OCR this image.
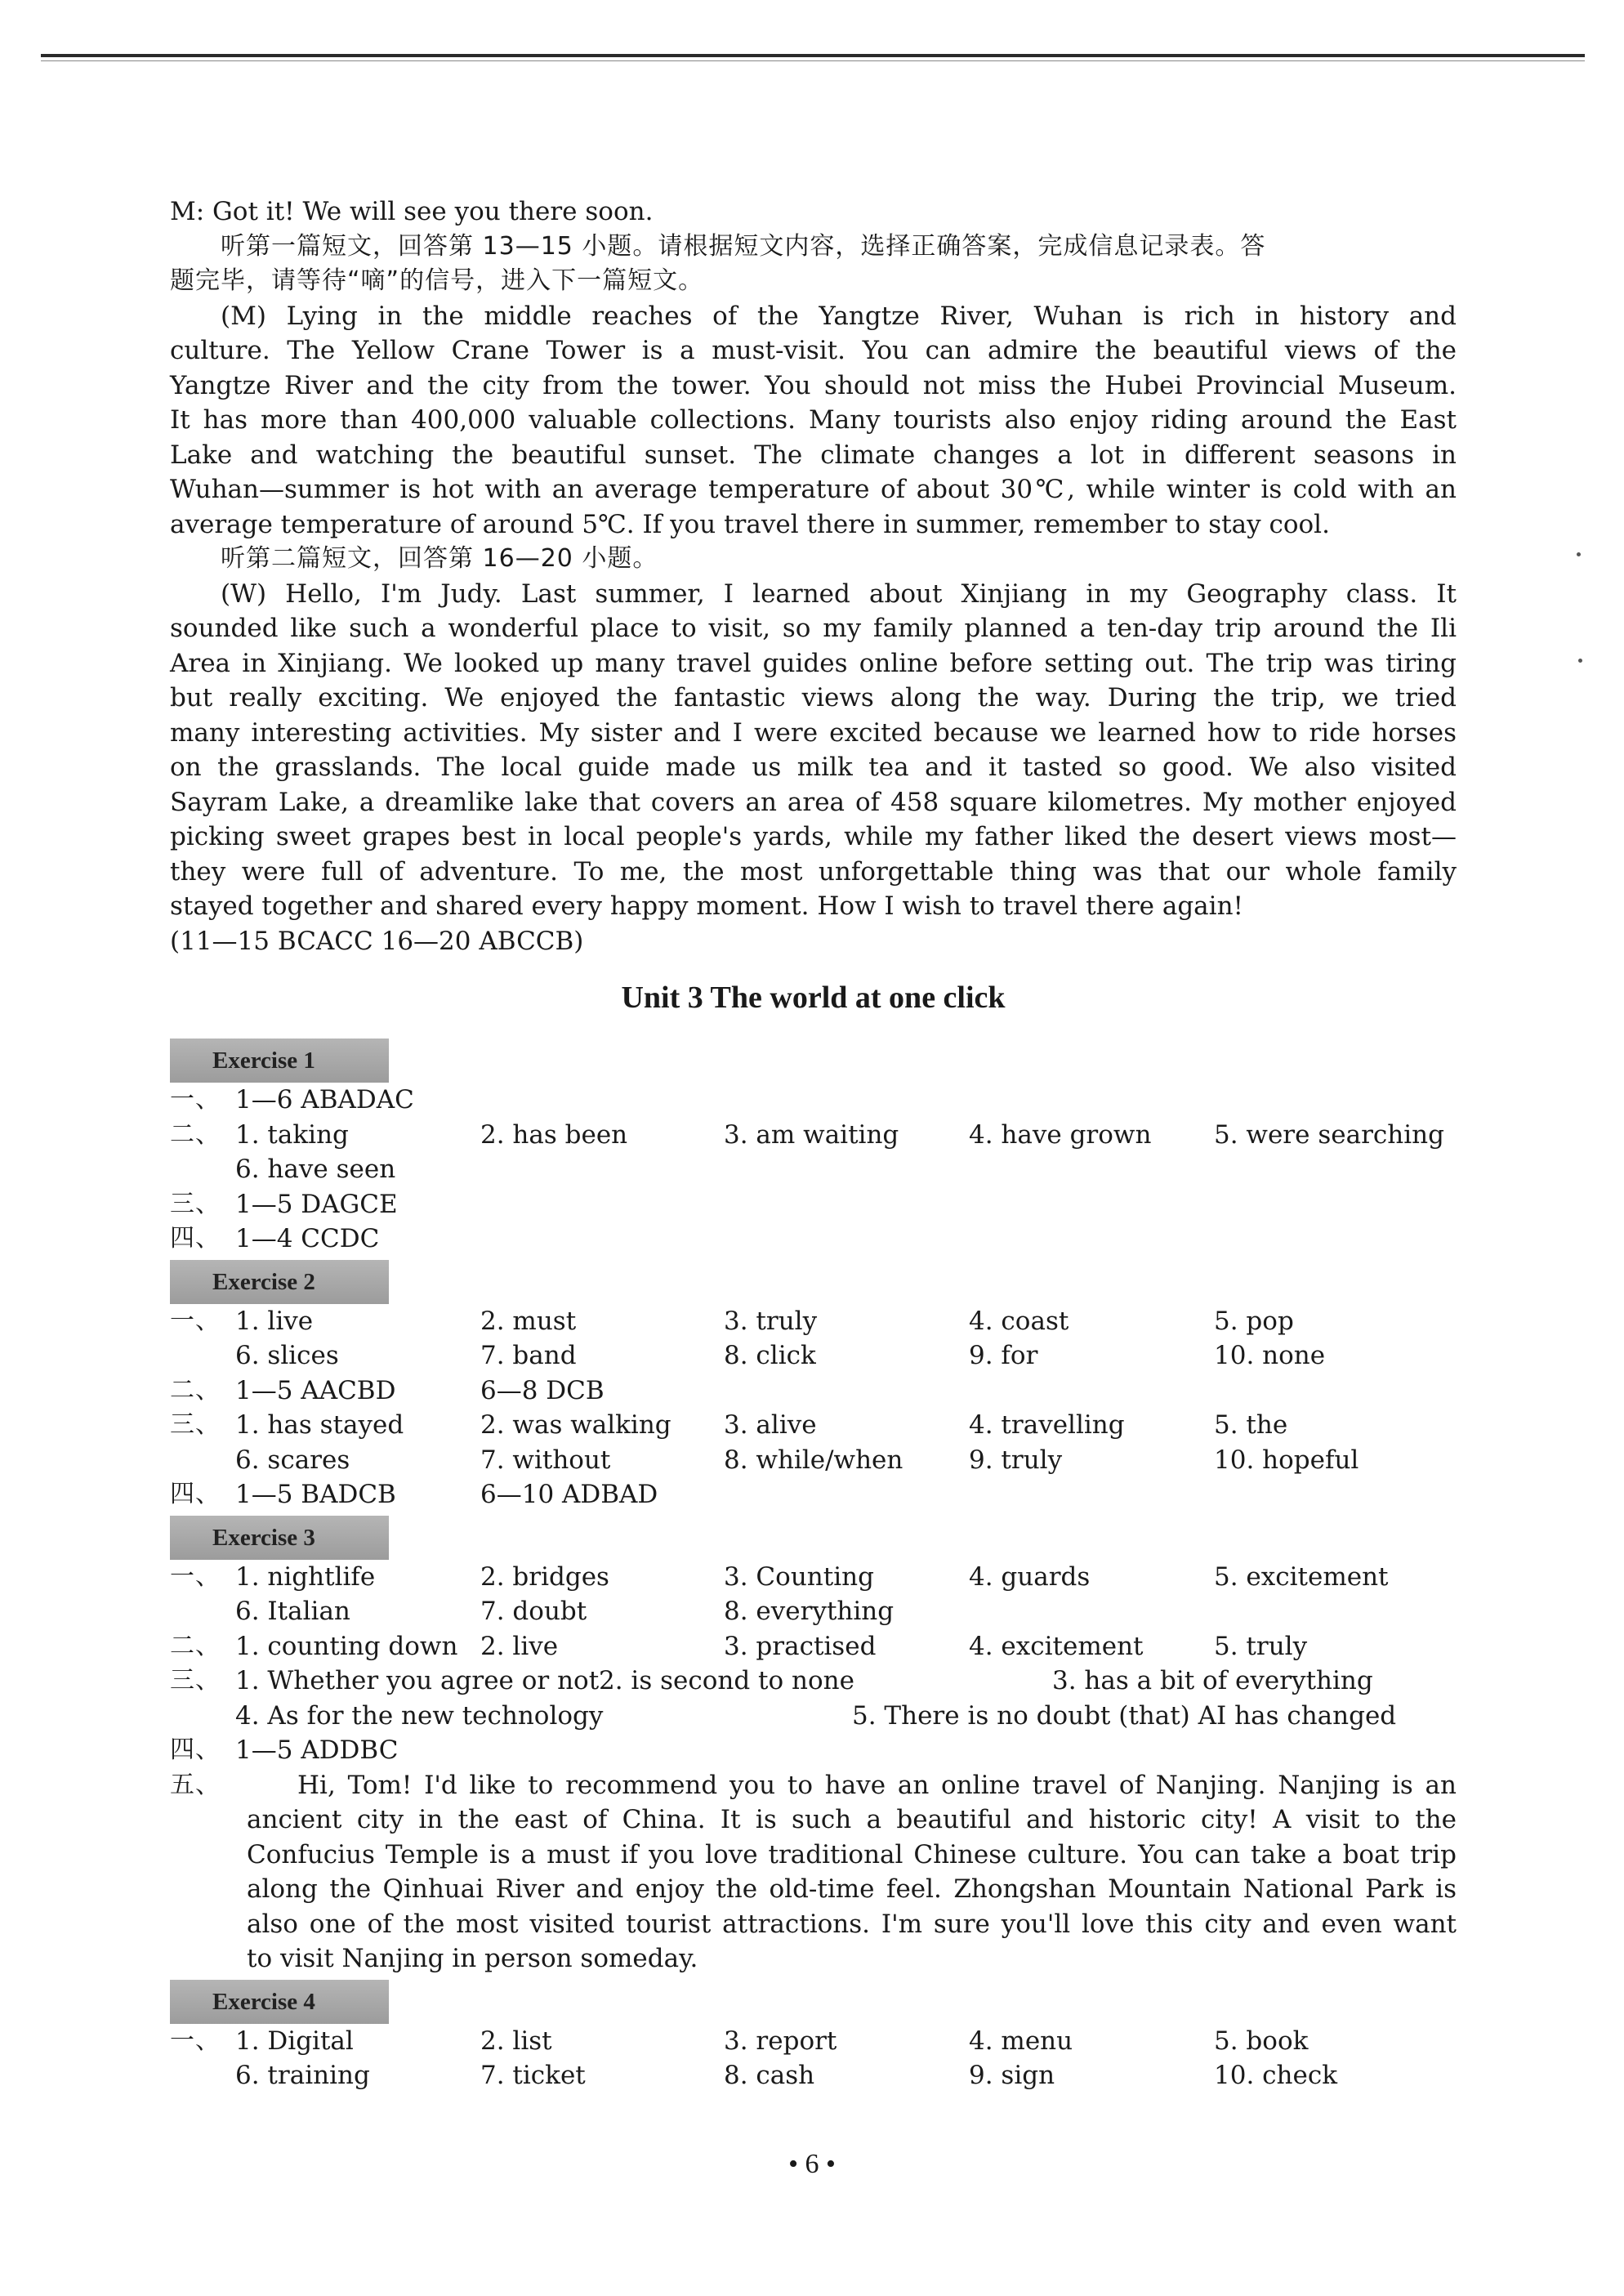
M: Got it! We will see you there soon.
听第一篇短文，回答第 13—15 小题。请根据短文内容，选择正确答案，完成信息记录表。答
题完毕，请等待“嘀”的信号，进入下一篇短文。
(M) Lying in the middle reaches of the Yangtze River, Wuhan is rich in history and
culture. The Yellow Crane Tower is a must-visit. You can admire the beautiful views of the
Yangtze River and the city from the tower. You should not miss the Hubei Provincial Museum.
It has more than 400,000 valuable collections. Many tourists also enjoy riding around the East
Lake and watching the beautiful sunset. The climate changes a lot in different seasons in
Wuhan—summer is hot with an average temperature of about 30℃, while winter is cold with an
average temperature of around 5℃. If you travel there in summer, remember to stay cool.
听第二篇短文，回答第 16—20 小题。
(W) Hello, I'm Judy. Last summer, I learned about Xinjiang in my Geography class. It
sounded like such a wonderful place to visit, so my family planned a ten-day trip around the Ili
Area in Xinjiang. We looked up many travel guides online before setting out. The trip was tiring
but really exciting. We enjoyed the fantastic views along the way. During the trip, we tried
many interesting activities. My sister and I were excited because we learned how to ride horses
on the grasslands. The local guide made us milk tea and it tasted so good. We also visited
Sayram Lake, a dreamlike lake that covers an area of 458 square kilometres. My mother enjoyed
picking sweet grapes best in local people's yards, while my father liked the desert views most—
they were full of adventure. To me, the most unforgettable thing was that our whole family
stayed together and shared every happy moment. How I wish to travel there again!
(11—15 BCACC 16—20 ABCCB)
Unit 3 The world at one click
Exercise 1
一、 1—6 ABADAC
二、 1. taking	2. has been	3. am waiting	4. have grown 5. were searching
6. have seen
三、 1—5 DAGCE
四、 1—4 CCDC
Exercise 2
一、 1. live	2. must	3. truly	4. coast	5. pop
6. slices	7. band	8. click	9. for	10. none
二、 1—5 AACBD	6—8 DCB
三、 1. has stayed	2. was walking 3. alive	4. travelling	5. the
6. scares	7. without	8. while/when	9. truly	10. hopeful
四、 1—5 BADCB	6—10 ADBAD
Exercise 3
一、 1. nightlife	2. bridges	3. Counting	4. guards	5. excitement
6. Italian	7. doubt	8. everything
二、 1. counting down 2. live	3. practised	4. excitement	5. truly
三、 1. Whether you agree or not 2. is second to none	3. has a bit of everything
4. As for the new technology	5. There is no doubt (that) AI has changed
四、 1—5 ADDBC
五、	Hi, Tom! I'd like to recommend you to have an online travel of Nanjing. Nanjing is an
ancient city in the east of China. It is such a beautiful and historic city! A visit to the
Confucius Temple is a must if you love traditional Chinese culture. You can take a boat trip
along the Qinhuai River and enjoy the old-time feel. Zhongshan Mountain National Park is
also one of the most visited tourist attractions. I'm sure you'll love this city and even want
to visit Nanjing in person someday.
Exercise 4
一、 1. Digital	2. list	3. report	4. menu	5. book
6. training	7. ticket	8. cash	9. sign	10. check
• 6 •
